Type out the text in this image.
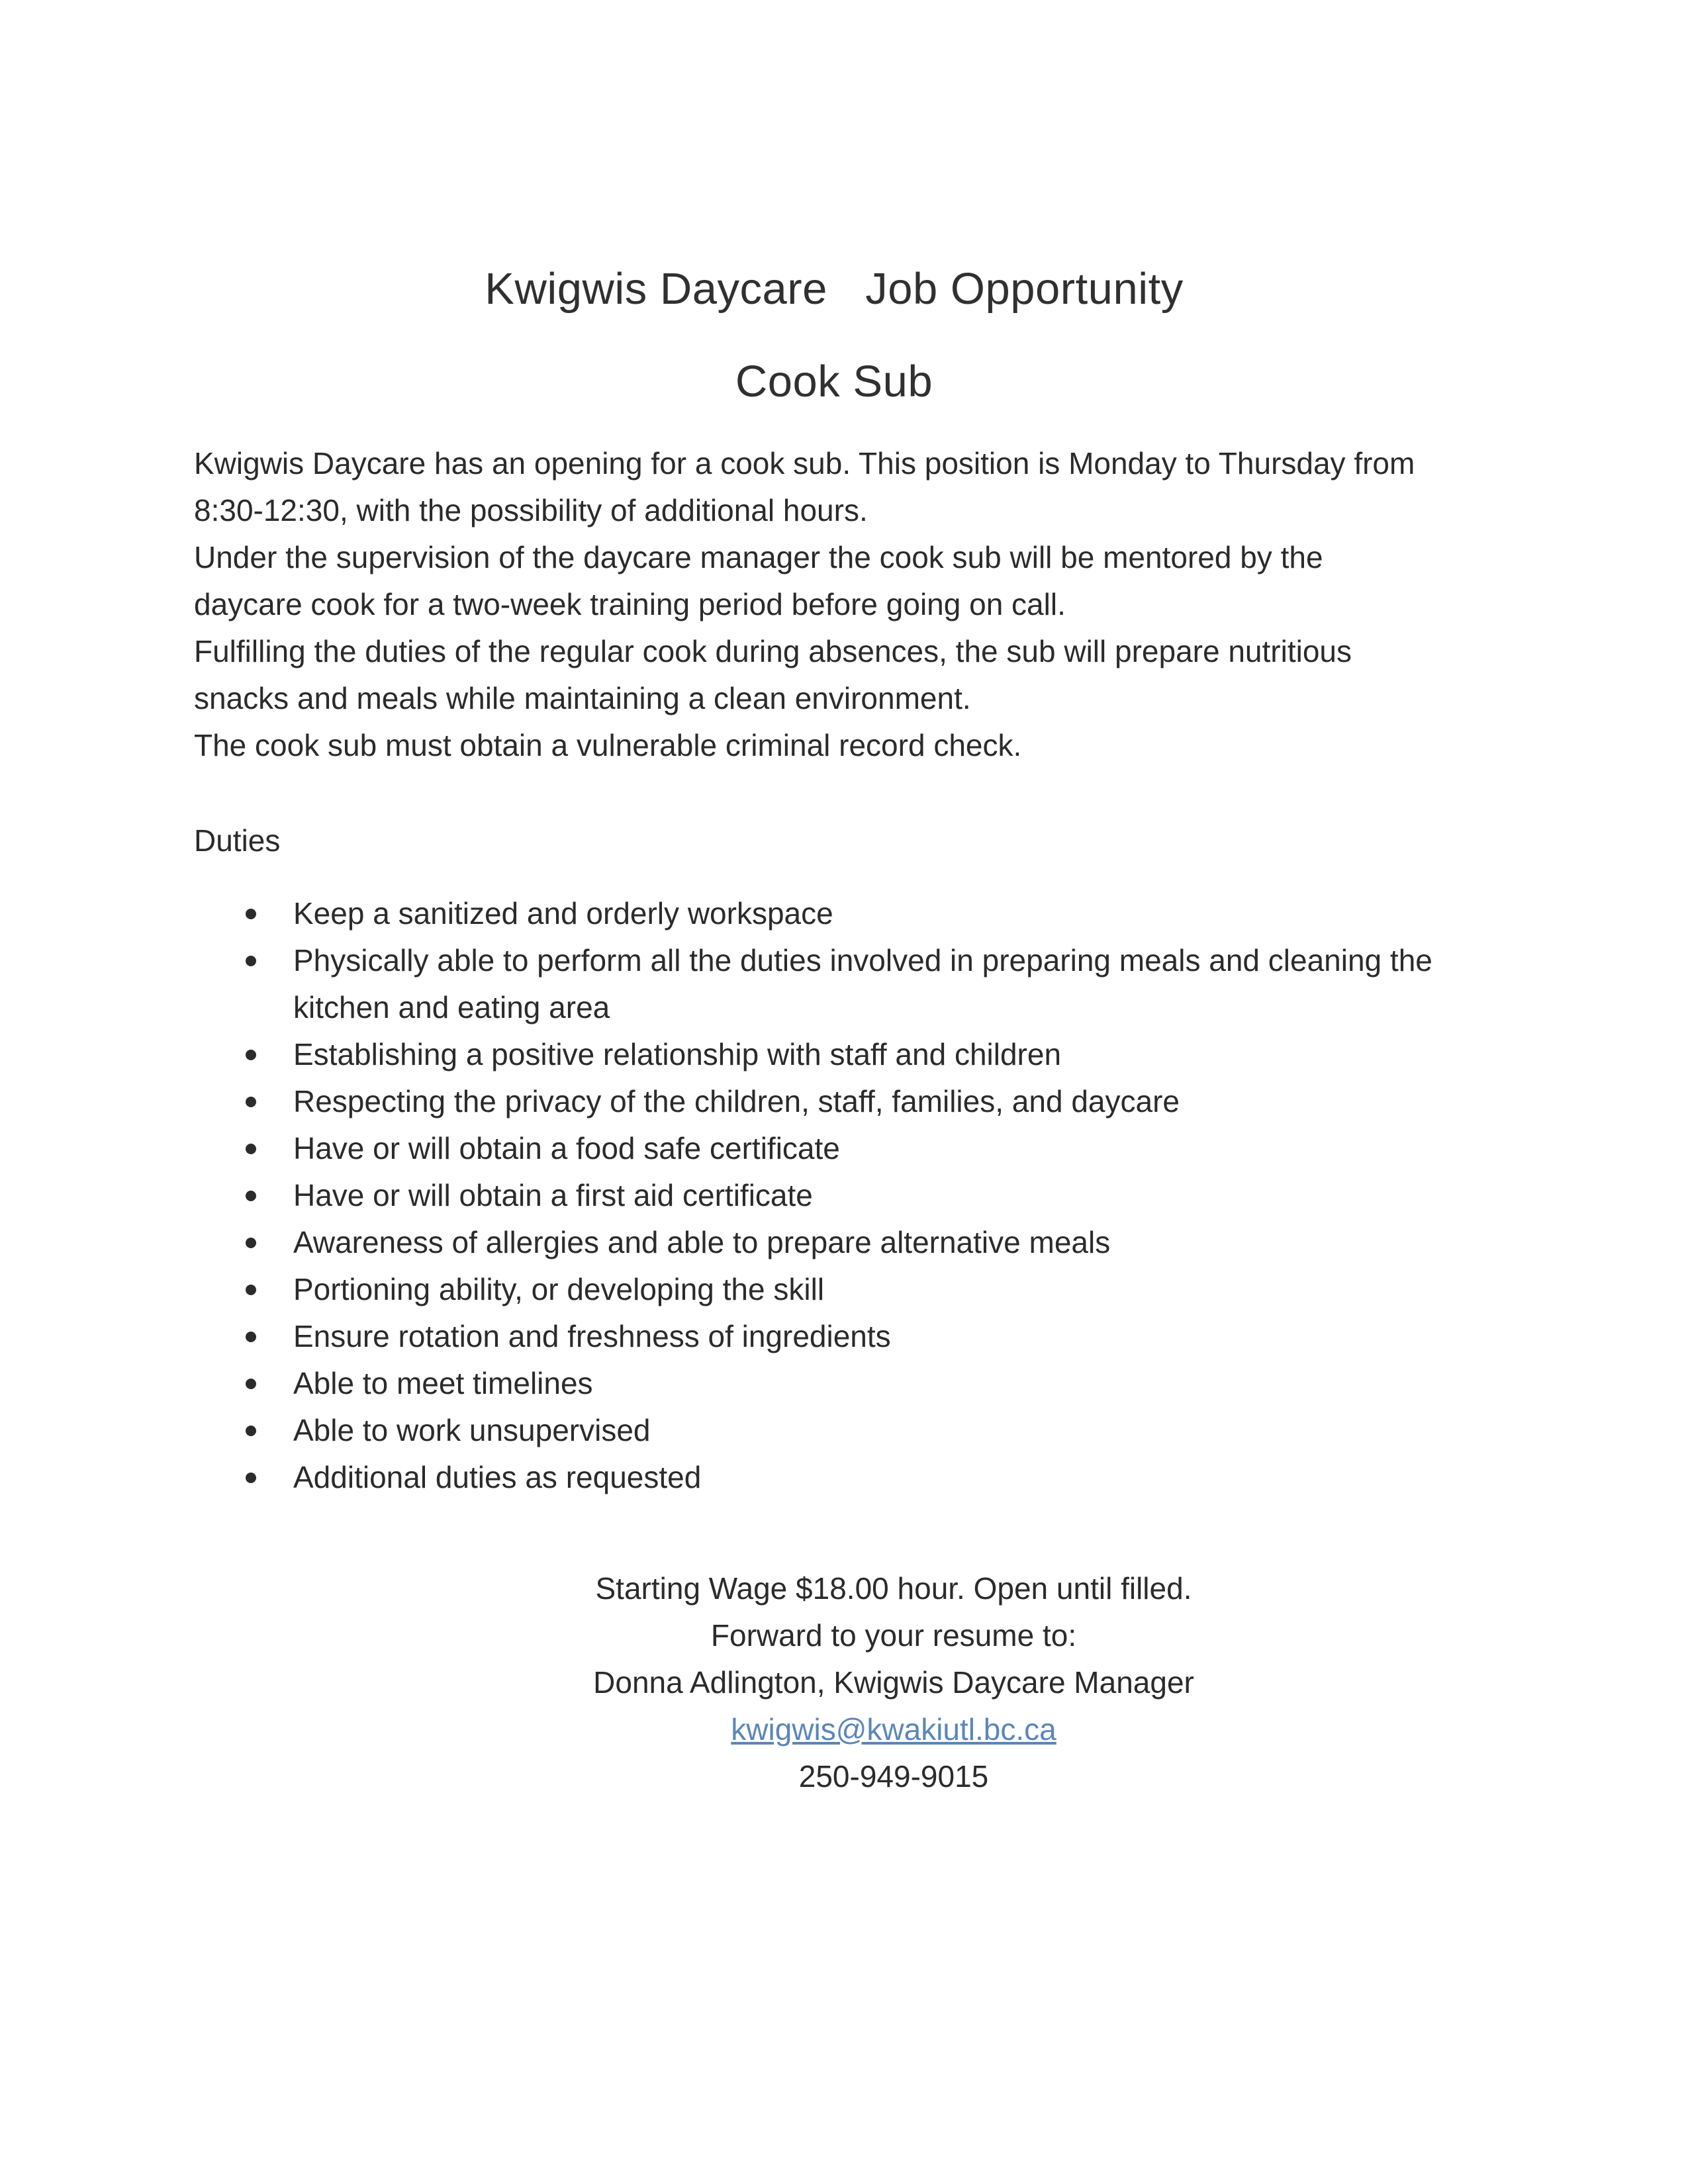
Kwigwis Daycare   Job Opportunity
Cook Sub

Kwigwis Daycare has an opening for a cook sub. This position is Monday to Thursday from 8:30-12:30, with the possibility of additional hours.

Under the supervision of the daycare manager the cook sub will be mentored by the daycare cook for a two-week training period before going on call.

Fulfilling the duties of the regular cook during absences, the sub will prepare nutritious snacks and meals while maintaining a clean environment.

The cook sub must obtain a vulnerable criminal record check.

Duties
Keep a sanitized and orderly workspace
Physically able to perform all the duties involved in preparing meals and cleaning the kitchen and eating area
Establishing a positive relationship with staff and children
Respecting the privacy of the children, staff, families, and daycare
Have or will obtain a food safe certificate
Have or will obtain a first aid certificate
Awareness of allergies and able to prepare alternative meals
Portioning ability, or developing the skill
Ensure rotation and freshness of ingredients
Able to meet timelines
Able to work unsupervised
Additional duties as requested
Starting Wage $18.00 hour. Open until filled.
Forward to your resume to:
Donna Adlington, Kwigwis Daycare Manager
kwigwis@kwakiutl.bc.ca
250-949-9015
